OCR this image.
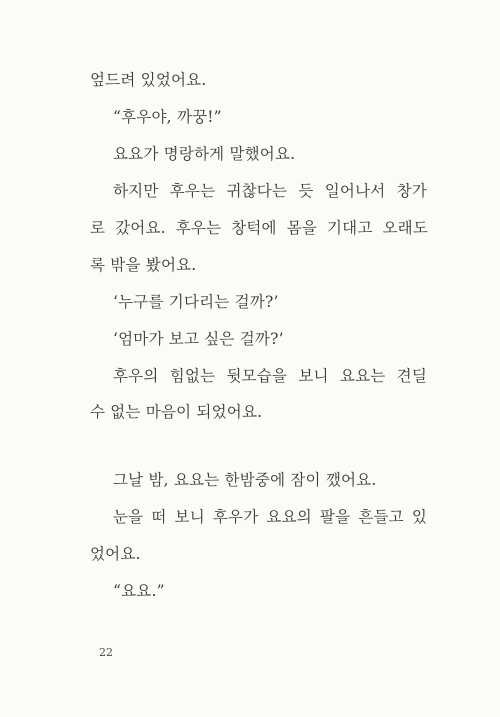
엎드려 있었어요.
“후우야, 까꿍!”
요요가 명랑하게 말했어요.
하지만 후우는 귀찮다는 듯 일어나서 창가
로 갔어요. 후우는 창턱에 몸을 기대고 오래도
록 밖을 봤어요.
‘누구를 기다리는 걸까?’
‘엄마가 보고 싶은 걸까?’
후우의 힘없는 뒷모습을 보니 요요는 견딜
수 없는 마음이 되었어요.
그날 밤, 요요는 한밤중에 잠이 깼어요.
눈을 떠 보니 후우가 요요의 팔을 흔들고 있
었어요.
“요요.”
22
